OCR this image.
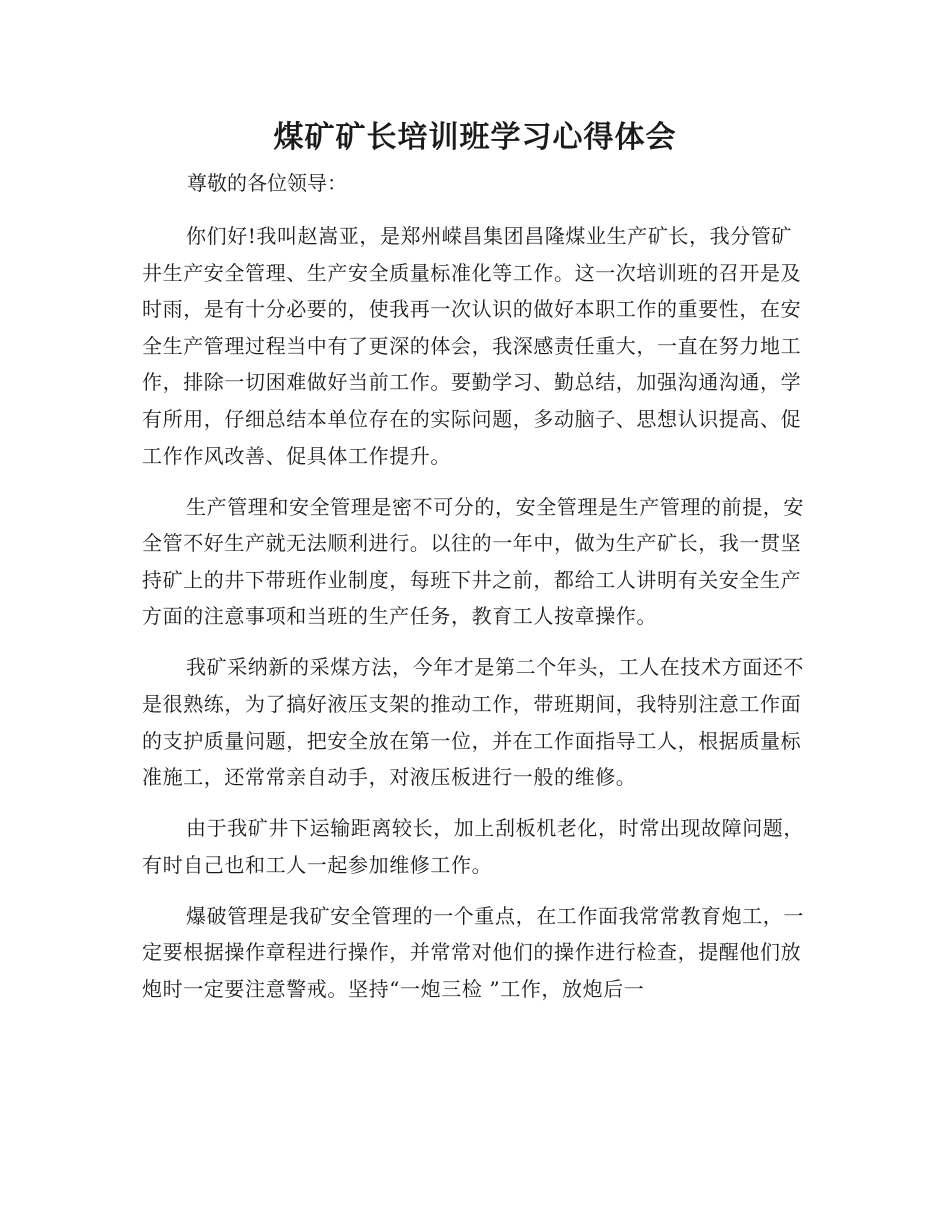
煤矿矿长培训班学习心得体会

尊敬的各位领导：

你们好!我叫赵嵩亚，是郑州嵘昌集团昌隆煤业生产矿长，我分管矿井生产安全管理、生产安全质量标准化等工作。这一次培训班的召开是及时雨，是有十分必要的，使我再一次认识的做好本职工作的重要性，在安全生产管理过程当中有了更深的体会，我深感责任重大，一直在努力地工作，排除一切困难做好当前工作。要勤学习、勤总结，加强沟通沟通，学有所用，仔细总结本单位存在的实际问题，多动脑子、思想认识提高、促工作作风改善、促具体工作提升。

生产管理和安全管理是密不可分的，安全管理是生产管理的前提，安全管不好生产就无法顺利进行。以往的一年中，做为生产矿长，我一贯坚持矿上的井下带班作业制度，每班下井之前，都给工人讲明有关安全生产方面的注意事项和当班的生产任务，教育工人按章操作。

我矿采纳新的采煤方法，今年才是第二个年头，工人在技术方面还不是很熟练，为了搞好液压支架的推动工作，带班期间，我特别注意工作面的支护质量问题，把安全放在第一位，并在工作面指导工人，根据质量标准施工，还常常亲自动手，对液压板进行一般的维修。

由于我矿井下运输距离较长，加上刮板机老化，时常出现故障问题，有时自己也和工人一起参加维修工作。

爆破管理是我矿安全管理的一个重点，在工作面我常常教育炮工，一定要根据操作章程进行操作，并常常对他们的操作进行检查，提醒他们放炮时一定要注意警戒。坚持“一炮三检 ”工作，放炮后一
